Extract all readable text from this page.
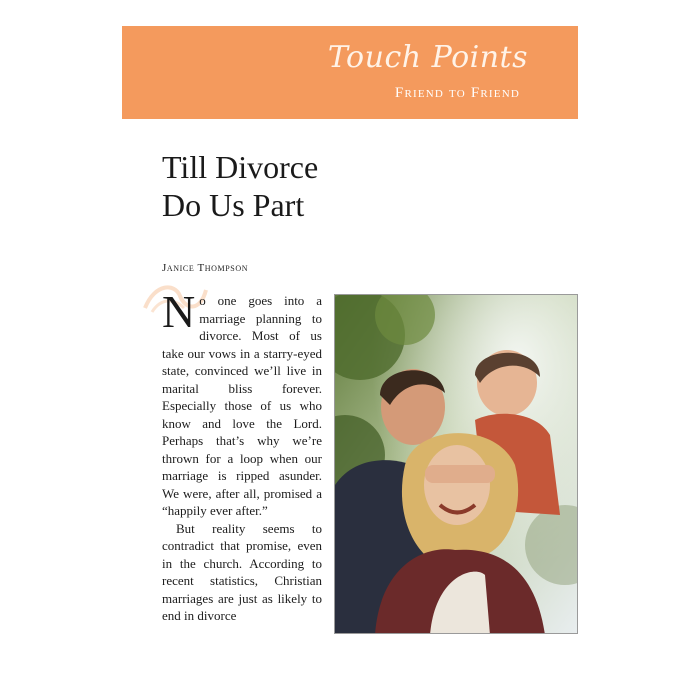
Touch Points
Friend to Friend
Till Divorce
Do Us Part
Janice Thompson

No one goes into a marriage planning to divorce. Most of us take our vows in a starry-eyed state, convinced we’ll live in marital bliss forever. Especially those of us who know and love the Lord. Perhaps that’s why we’re thrown for a loop when our marriage is ripped asunder. We were, after all, promised a “happily ever after.”

But reality seems to contradict that promise, even in the church. According to recent statistics, Christian marriages are just as likely to end in divorce
